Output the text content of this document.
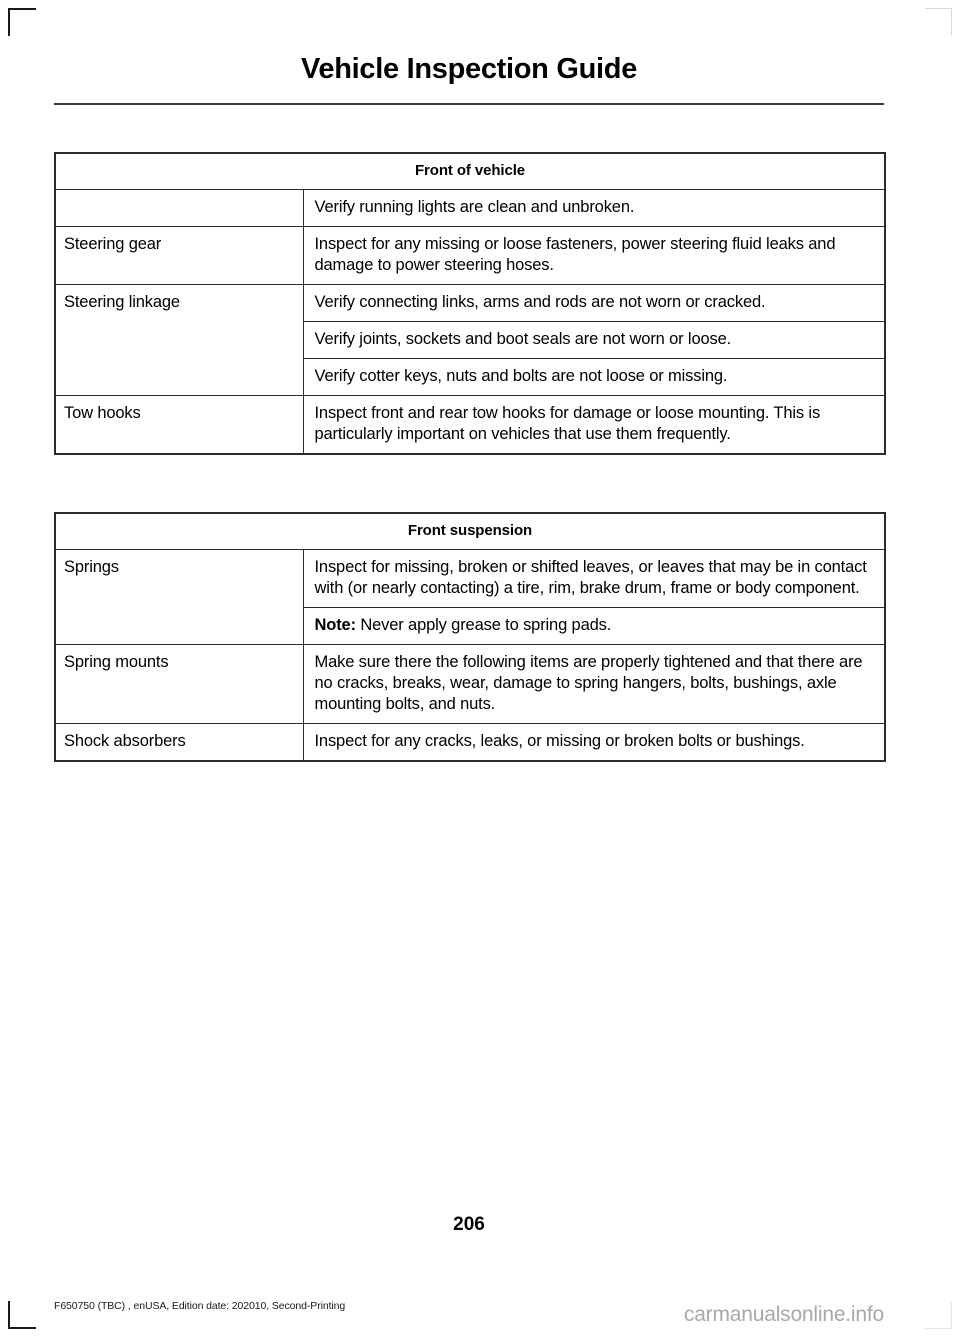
Vehicle Inspection Guide
Front of vehicle	
	Verify running lights are clean and unbroken.
Steering gear	Inspect for any missing or loose fasteners, power steering fluid leaks and damage to power steering hoses.
Steering linkage	Verify connecting links, arms and rods are not worn or cracked.
	Verify joints, sockets and boot seals are not worn or loose.
	Verify cotter keys, nuts and bolts are not loose or missing.
Tow hooks	Inspect front and rear tow hooks for damage or loose mounting. This is particularly important on vehicles that use them frequently.
Front suspension	
Springs	Inspect for missing, broken or shifted leaves, or leaves that may be in contact with (or nearly contacting) a tire, rim, brake drum, frame or body component.
	Note: Never apply grease to spring pads.
Spring mounts	Make sure there the following items are properly tightened and that there are no cracks, breaks, wear, damage to spring hangers, bolts, bushings, axle mounting bolts, and nuts.
Shock absorbers	Inspect for any cracks, leaks, or missing or broken bolts or bushings.
206
F650750 (TBC) , enUSA, Edition date: 202010, Second-Printing	carmanualsonline.info
